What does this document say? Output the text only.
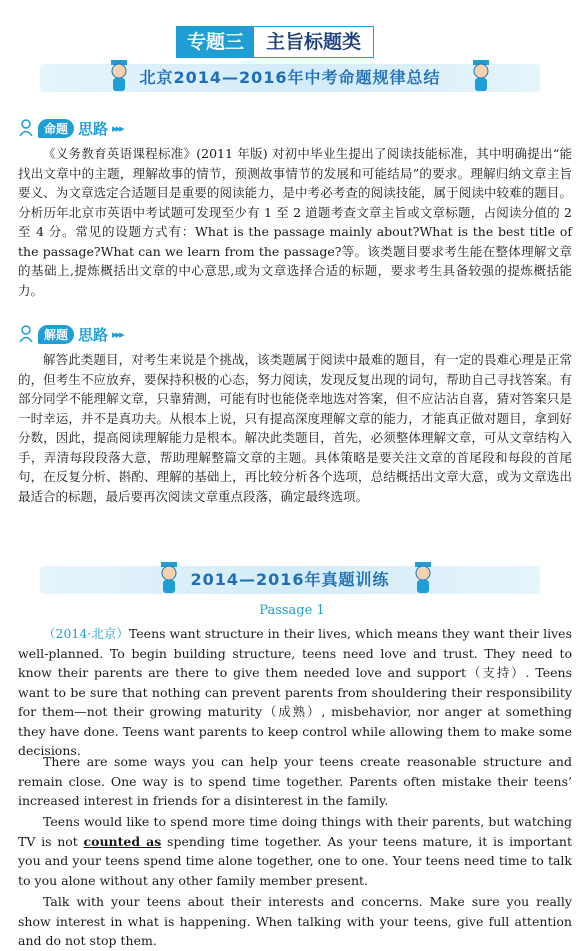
专题三	主旨标题类
北京2014—2016年中考命题规律总结
命题 思路 ▸▸▸

《义务教育英语课程标准》(2011 年版) 对初中毕业生提出了阅读技能标准，其中明确提出“能找出文章中的主题，理解故事的情节，预测故事情节的发展和可能结局”的要求。理解归纳文章主旨要义、为文章选定合适题目是重要的阅读能力，是中考必考查的阅读技能，属于阅读中较难的题目。分析历年北京市英语中考试题可发现至少有 1 至 2 道题考查文章主旨或文章标题，占阅读分值的 2 至 4 分。常见的设题方式有：What is the passage mainly about?What is the best title of the passage?What can we learn from the passage?等。该类题目要求考生能在整体理解文章的基础上,提炼概括出文章的中心意思,或为文章选择合适的标题，要求考生具备较强的提炼概括能力。

解题 思路 ▸▸▸

解答此类题目，对考生来说是个挑战，该类题属于阅读中最难的题目，有一定的畏难心理是正常的，但考生不应放弃，要保持积极的心态，努力阅读，发现反复出现的词句，帮助自己寻找答案。有部分同学不能理解文章，只靠猜测，可能有时也能侥幸地选对答案，但不应沾沾自喜，猜对答案只是一时幸运，并不是真功夫。从根本上说，只有提高深度理解文章的能力，才能真正做对题目，拿到好分数，因此，提高阅读理解能力是根本。解决此类题目，首先，必须整体理解文章，可从文章结构入手，弄清每段段落大意，帮助理解整篇文章的主题。具体策略是要关注文章的首尾段和每段的首尾句，在反复分析、斟酌、理解的基础上，再比较分析各个选项，总结概括出文章大意，或为文章选出最适合的标题，最后要再次阅读文章重点段落，确定最终选项。

2014—2016年真题训练
Passage 1

（2014·北京）Teens want structure in their lives, which means they want their lives well-planned. To begin building structure, teens need love and trust. They need to know their parents are there to give them needed love and support（支持）. Teens want to be sure that nothing can prevent parents from shouldering their responsibility for them—not their growing maturity（成熟）, misbehavior, nor anger at something they have done. Teens want parents to keep control while allowing them to make some decisions.

There are some ways you can help your teens create reasonable structure and remain close. One way is to spend time together. Parents often mistake their teens’ increased interest in friends for a disinterest in the family.

Teens would like to spend more time doing things with their parents, but watching TV is not counted as spending time together. As your teens mature, it is important you and your teens spend time alone together, one to one. Your teens need time to talk to you alone without any other family member present.

Talk with your teens about their interests and concerns. Make sure you really show interest in what is happening. When talking with your teens, give full attention and do not stop them.
